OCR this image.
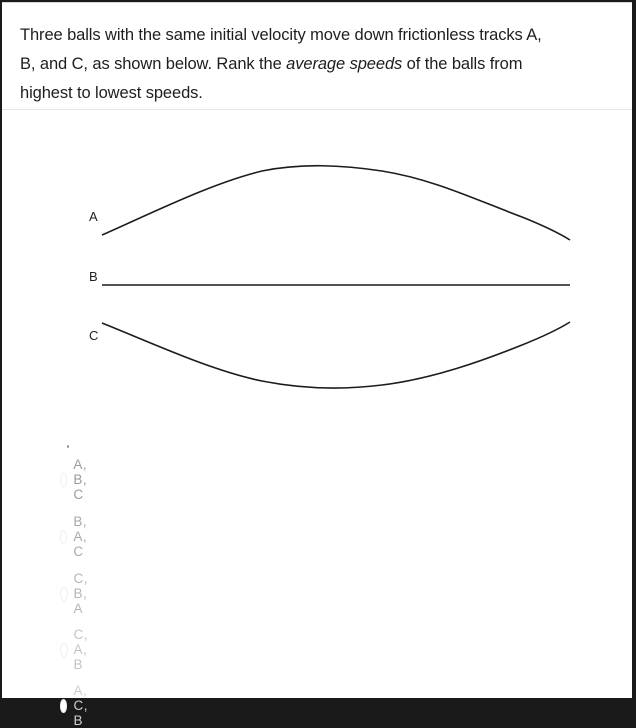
Three balls with the same initial velocity move down frictionless tracks A,
B, and C, as shown below. Rank the average speeds of the balls from
highest to lowest speeds.
A
B
C
A, B, C
B, A, C
C, B, A
C, A, B
A, C, B
